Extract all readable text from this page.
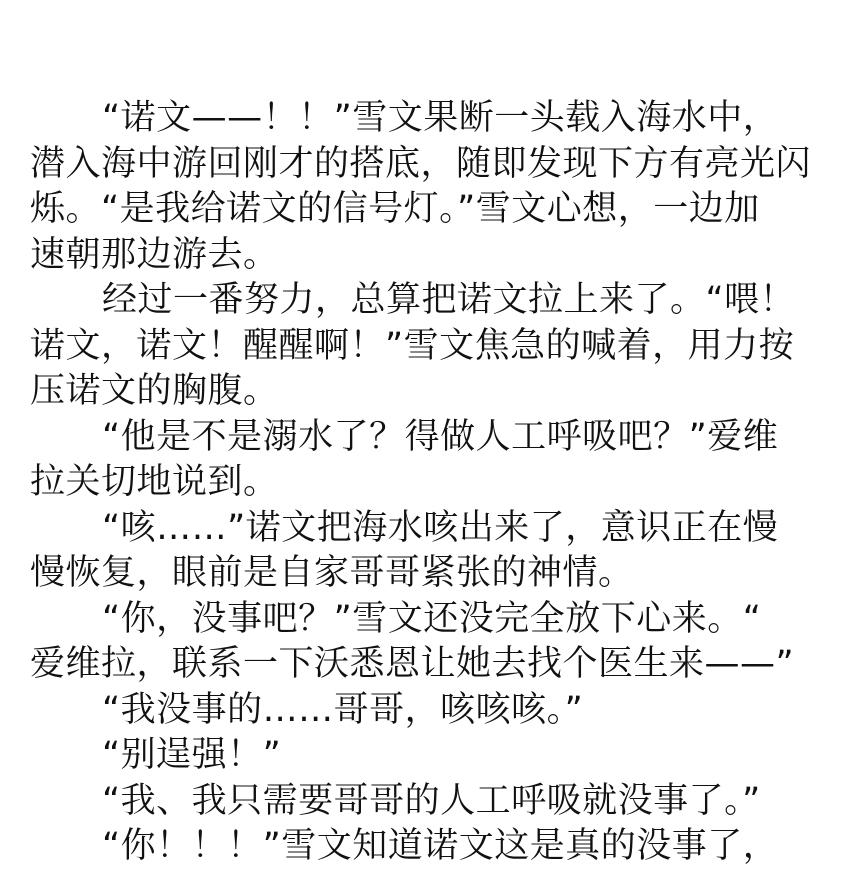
“诺文——！！”雪文果断一头载入海水中，
潜入海中游回刚才的搭底，随即发现下方有亮光闪
烁。“是我给诺文的信号灯。”雪文心想，一边加
速朝那边游去。
经过一番努力，总算把诺文拉上来了。“喂！
诺文，诺文！醒醒啊！”雪文焦急的喊着，用力按
压诺文的胸腹。
“他是不是溺水了？得做人工呼吸吧？”爱维
拉关切地说到。
“咳……”诺文把海水咳出来了，意识正在慢
慢恢复，眼前是自家哥哥紧张的神情。
“你，没事吧？”雪文还没完全放下心来。“
爱维拉，联系一下沃悉恩让她去找个医生来——”
“我没事的……哥哥，咳咳咳。”
“别逞强！”
“我、我只需要哥哥的人工呼吸就没事了。”
“你！！！”雪文知道诺文这是真的没事了，
